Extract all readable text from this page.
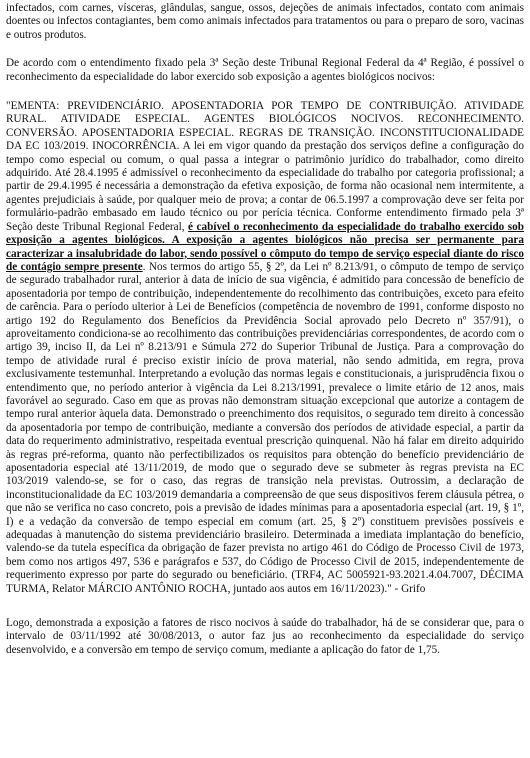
infectados, com carnes, vísceras, glândulas, sangue, ossos, dejeções de animais infectados, contato com animais doentes ou infectos contagiantes, bem como animais infectados para tratamentos ou para o preparo de soro, vacinas e outros produtos.

De acordo com o entendimento fixado pela 3ª Seção deste Tribunal Regional Federal da 4ª Região, é possível o reconhecimento da especialidade do labor exercido sob exposição a agentes biológicos nocivos:

"EMENTA: PREVIDENCIÁRIO. APOSENTADORIA POR TEMPO DE CONTRIBUIÇÃO. ATIVIDADE RURAL. ATIVIDADE ESPECIAL. AGENTES BIOLÓGICOS NOCIVOS. RECONHECIMENTO. CONVERSÃO. APOSENTADORIA ESPECIAL. REGRAS DE TRANSIÇÃO. INCONSTITUCIONALIDADE DA EC 103/2019. INOCORRÊNCIA. A lei em vigor quando da prestação dos serviços define a configuração do tempo como especial ou comum, o qual passa a integrar o patrimônio jurídico do trabalhador, como direito adquirido. Até 28.4.1995 é admissível o reconhecimento da especialidade do trabalho por categoria profissional; a partir de 29.4.1995 é necessária a demonstração da efetiva exposição, de forma não ocasional nem intermitente, a agentes prejudiciais à saúde, por qualquer meio de prova; a contar de 06.5.1997 a comprovação deve ser feita por formulário-padrão embasado em laudo técnico ou por perícia técnica. Conforme entendimento firmado pela 3ª Seção deste Tribunal Regional Federal, é cabível o reconhecimento da especialidade do trabalho exercido sob exposição a agentes biológicos. A exposição a agentes biológicos não precisa ser permanente para caracterizar a insalubridade do labor, sendo possível o cômputo do tempo de serviço especial diante do risco de contágio sempre presente. Nos termos do artigo 55, § 2º, da Lei nº 8.213/91, o cômputo de tempo de serviço de segurado trabalhador rural, anterior à data de início de sua vigência, é admitido para concessão de benefício de aposentadoria por tempo de contribuição, independentemente do recolhimento das contribuições, exceto para efeito de carência. Para o período ulterior à Lei de Benefícios (competência de novembro de 1991, conforme disposto no artigo 192 do Regulamento dos Benefícios da Previdência Social aprovado pelo Decreto nº 357/91), o aproveitamento condiciona-se ao recolhimento das contribuições previdenciárias correspondentes, de acordo com o artigo 39, inciso II, da Lei nº 8.213/91 e Súmula 272 do Superior Tribunal de Justiça. Para a comprovação do tempo de atividade rural é preciso existir início de prova material, não sendo admitida, em regra, prova exclusivamente testemunhal. Interpretando a evolução das normas legais e constitucionais, a jurisprudência fixou o entendimento que, no período anterior à vigência da Lei 8.213/1991, prevalece o limite etário de 12 anos, mais favorável ao segurado. Caso em que as provas não demonstram situação excepcional que autorize a contagem de tempo rural anterior àquela data. Demonstrado o preenchimento dos requisitos, o segurado tem direito à concessão da aposentadoria por tempo de contribuição, mediante a conversão dos períodos de atividade especial, a partir da data do requerimento administrativo, respeitada eventual prescrição quinquenal. Não há falar em direito adquirido às regras pré-reforma, quanto não perfectibilizados os requisitos para obtenção do benefício previdenciário de aposentadoria especial até 13/11/2019, de modo que o segurado deve se submeter às regras prevista na EC 103/2019 valendo-se, se for o caso, das regras de transição nela previstas. Outrossim, a declaração de inconstitucionalidade da EC 103/2019 demandaria a compreensão de que seus dispositivos ferem cláusula pétrea, o que não se verifica no caso concreto, pois a previsão de idades mínimas para a aposentadoria especial (art. 19, § 1º, I) e a vedação da conversão de tempo especial em comum (art. 25, § 2º) constituem previsões possíveis e adequadas à manutenção do sistema previdenciário brasileiro. Determinada a imediata implantação do benefício, valendo-se da tutela específica da obrigação de fazer prevista no artigo 461 do Código de Processo Civil de 1973, bem como nos artigos 497, 536 e parágrafos e 537, do Código de Processo Civil de 2015, independentemente de requerimento expresso por parte do segurado ou beneficiário. (TRF4, AC 5005921-93.2021.4.04.7007, DÉCIMA TURMA, Relator MÁRCIO ANTÔNIO ROCHA, juntado aos autos em 16/11/2023)." - Grifo

Logo, demonstrada a exposição a fatores de risco nocivos à saúde do trabalhador, há de se considerar que, para o intervalo de 03/11/1992 até 30/08/2013, o autor faz jus ao reconhecimento da especialidade do serviço desenvolvido, e a conversão em tempo de serviço comum, mediante a aplicação do fator de 1,75.
